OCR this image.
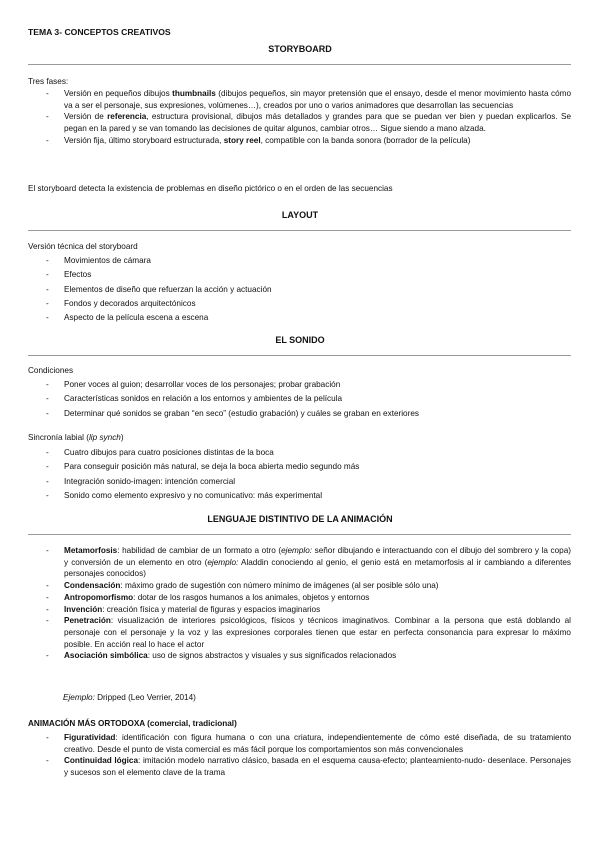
TEMA 3- CONCEPTOS CREATIVOS
STORYBOARD
Tres fases:
- Versión en pequeños dibujos thumbnails (dibujos pequeños, sin mayor pretensión que el ensayo, desde el menor movimiento hasta cómo va a ser el personaje, sus expresiones, volúmenes…), creados por uno o varios animadores que desarrollan las secuencias
- Versión de referencia, estructura provisional, dibujos más detallados y grandes para que se puedan ver bien y puedan explicarlos. Se pegan en la pared y se van tomando las decisiones de quitar algunos, cambiar otros… Sigue siendo a mano alzada.
- Versión fija, último storyboard estructurada, story reel, compatible con la banda sonora (borrador de la película)
El storyboard detecta la existencia de problemas en diseño pictórico o en el orden de las secuencias
LAYOUT
Versión técnica del storyboard
- Movimientos de cámara
- Efectos
- Elementos de diseño que refuerzan la acción y actuación
- Fondos y decorados arquitectónicos
- Aspecto de la película escena a escena
EL SONIDO
Condiciones
- Poner voces al guion; desarrollar voces de los personajes; probar grabación
- Características sonidos en relación a los entornos y ambientes de la película
- Determinar qué sonidos se graban “en seco” (estudio grabación) y cuáles se graban en exteriores
Sincronía labial (lip synch)
- Cuatro dibujos para cuatro posiciones distintas de la boca
- Para conseguir posición más natural, se deja la boca abierta medio segundo más
- Integración sonido-imagen: intención comercial
- Sonido como elemento expresivo y no comunicativo: más experimental
LENGUAJE DISTINTIVO DE LA ANIMACIÓN
- Metamorfosis: habilidad de cambiar de un formato a otro (ejemplo: señor dibujando e interactuando con el dibujo del sombrero y la copa) y conversión de un elemento en otro (ejemplo: Aladdin conociendo al genio, el genio está en metamorfosis al ir cambiando a diferentes personajes conocidos)
- Condensación: máximo grado de sugestión con número mínimo de imágenes (al ser posible sólo una)
- Antropomorfismo: dotar de los rasgos humanos a los animales, objetos y entornos
- Invención: creación física y material de figuras y espacios imaginarios
- Penetración: visualización de interiores psicológicos, físicos y técnicos imaginativos. Combinar a la persona que está doblando al personaje con el personaje y la voz y las expresiones corporales tienen que estar en perfecta consonancia para expresar lo máximo posible. En acción real lo hace el actor
- Asociación simbólica: uso de signos abstractos y visuales y sus significados relacionados
Ejemplo: Dripped (Leo Verrier, 2014)
ANIMACIÓN MÁS ORTODOXA (comercial, tradicional)
- Figuratividad: identificación con figura humana o con una criatura, independientemente de cómo esté diseñada, de su tratamiento creativo. Desde el punto de vista comercial es más fácil porque los comportamientos son más convencionales
- Continuidad lógica: imitación modelo narrativo clásico, basada en el esquema causa-efecto; planteamiento-nudo- desenlace. Personajes y sucesos son el elemento clave de la trama
